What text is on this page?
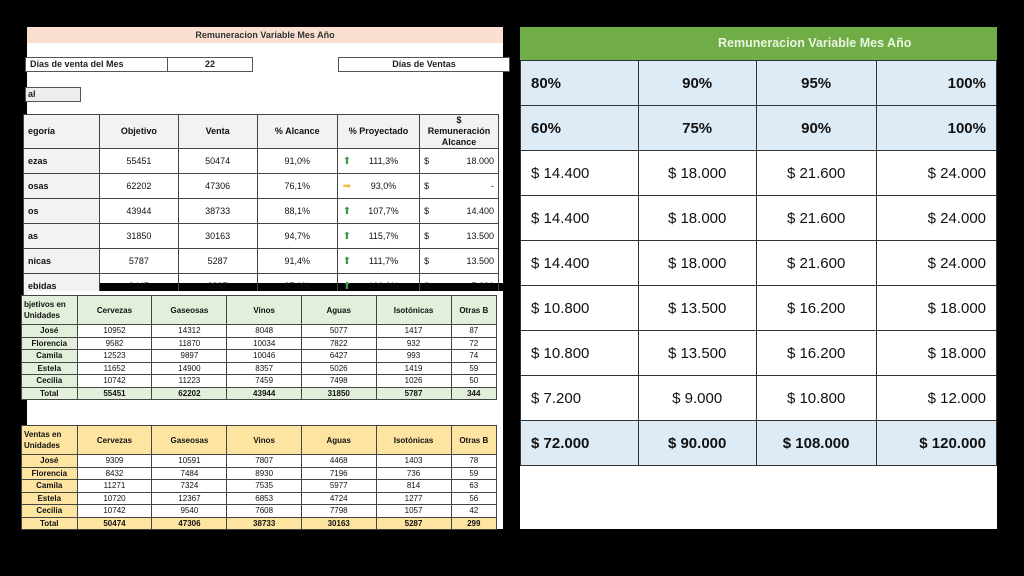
Remuneracion Variable Mes Año
Días de venta del Mes	22	Días de Ventas
al
egoría	Objetivo	Venta	% Alcance	% Proyectado	$ Remuneración Alcance
ezas	55451	50474	91,0%	⬆ 111,3%	$ 18.000

osas	62202	47306	76,1%	➡ 93,0%	$ -

os	43944	38733	88,1%	⬆ 107,7%	$ 14.400

as	31850	30163	94,7%	⬆ 115,7%	$ 13.500

nicas	5787	5287	91,4%	⬆ 111,7%	$ 13.500

ebidas	3445	2997	87,0%	⬆ 106,3%	$ 7.200
bjetivos en Unidades	Cervezas	Gaseosas	Vinos	Aguas	Isotónicas	Otras B
José	10952	14312	8048	5077	1417	87
Florencia	9582	11870	10034	7822	932	72
Camila	12523	9897	10046	6427	993	74
Estela	11652	14900	8357	5026	1419	59
Cecilia	10742	11223	7459	7498	1026	50
Total	55451	62202	43944	31850	5787	344
Ventas en Unidades	Cervezas	Gaseosas	Vinos	Aguas	Isotónicas	Otras B
José	9309	10591	7807	4468	1403	78
Florencia	8432	7484	8930	7196	736	59
Camila	11271	7324	7535	5977	814	63
Estela	10720	12367	6853	4724	1277	56
Cecilia	10742	9540	7608	7798	1057	42
Total	50474	47306	38733	30163	5287	299
Remuneracion Variable Mes Año
80%	90%	95%	100%
60%	75%	90%	100%
$ 14.400	$ 18.000	$ 21.600	$ 24.000
$ 14.400	$ 18.000	$ 21.600	$ 24.000
$ 14.400	$ 18.000	$ 21.600	$ 24.000
$ 10.800	$ 13.500	$ 16.200	$ 18.000
$ 10.800	$ 13.500	$ 16.200	$ 18.000
$ 7.200	$ 9.000	$ 10.800	$ 12.000
$ 72.000	$ 90.000	$ 108.000	$ 120.000
